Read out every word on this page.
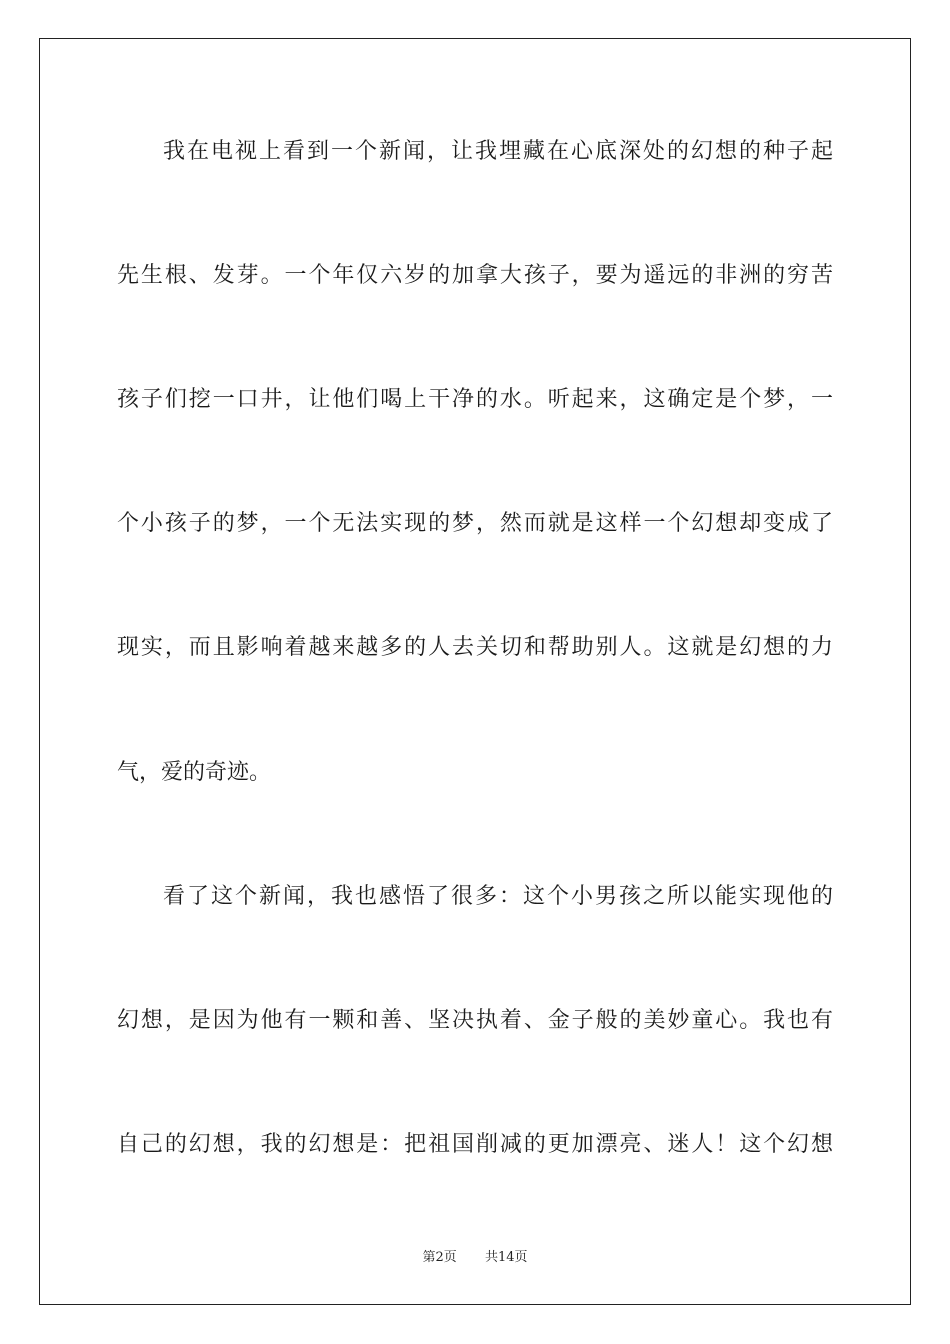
我在电视上看到一个新闻，让我埋藏在心底深处的幻想的种子起
先生根、发芽。一个年仅六岁的加拿大孩子，要为遥远的非洲的穷苦
孩子们挖一口井，让他们喝上干净的水。听起来，这确定是个梦，一
个小孩子的梦，一个无法实现的梦，然而就是这样一个幻想却变成了
现实，而且影响着越来越多的人去关切和帮助别人。这就是幻想的力
气，爱的奇迹。
看了这个新闻，我也感悟了很多：这个小男孩之所以能实现他的
幻想，是因为他有一颗和善、坚决执着、金子般的美妙童心。我也有
自己的幻想，我的幻想是：把祖国削减的更加漂亮、迷人！这个幻想
第2页 共14页
